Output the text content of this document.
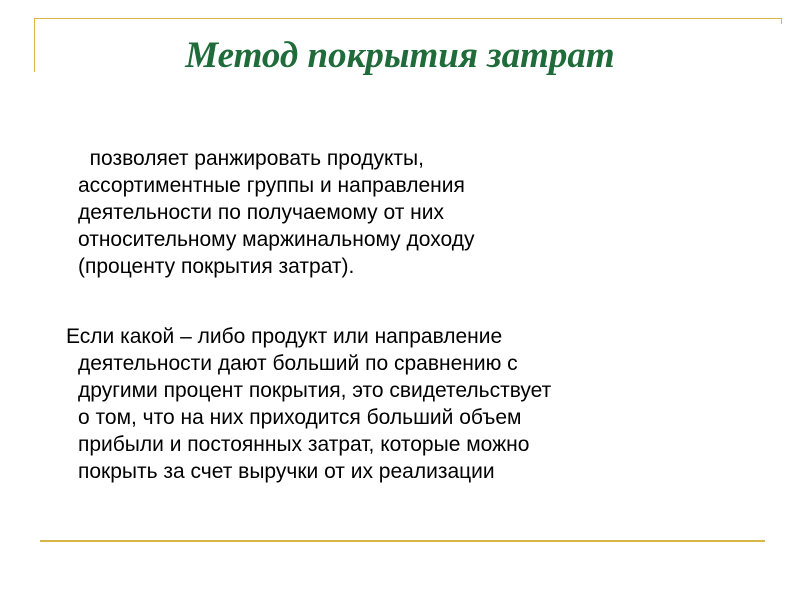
Метод покрытия затрат

позволяет ранжировать продукты,
ассортиментные группы и направления
деятельности по получаемому от них
относительному маржинальному доходу
(проценту покрытия затрат).

Если какой – либо продукт или направление
деятельности дают больший по сравнению с
другими процент покрытия, это свидетельствует
о том, что на них приходится больший объем
прибыли и постоянных затрат, которые можно
покрыть за счет выручки от их реализации
